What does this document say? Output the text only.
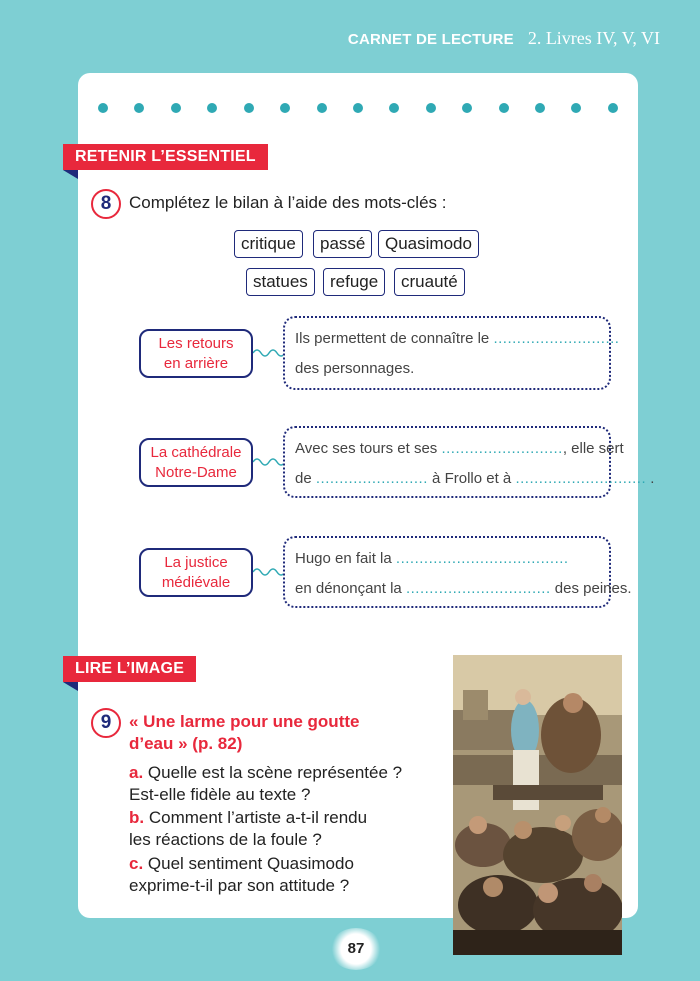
CARNET DE LECTURE 2. Livres IV, V, VI
RETENIR L’ESSENTIEL
8	Complétez le bilan à l’aide des mots-clés :
critique	passé	Quasimodo
statues	refuge	cruauté
Les retours
en arrière
Ils permettent de connaître le ...........................
des personnages.
La cathédrale
Notre-Dame
Avec ses tours et ses .........................., elle sert
de ........................ à Frollo et à ............................ .
La justice
médiévale
Hugo en fait la .....................................
en dénonçant la ............................... des peines.
LIRE L’IMAGE
9	« Une larme pour une goutte
d’eau » (p. 82)
a. Quelle est la scène représentée ?
Est-elle fidèle au texte ?
b. Comment l’artiste a-t-il rendu
les réactions de la foule ?
c. Quel sentiment Quasimodo
exprime-t-il par son attitude ?
87
